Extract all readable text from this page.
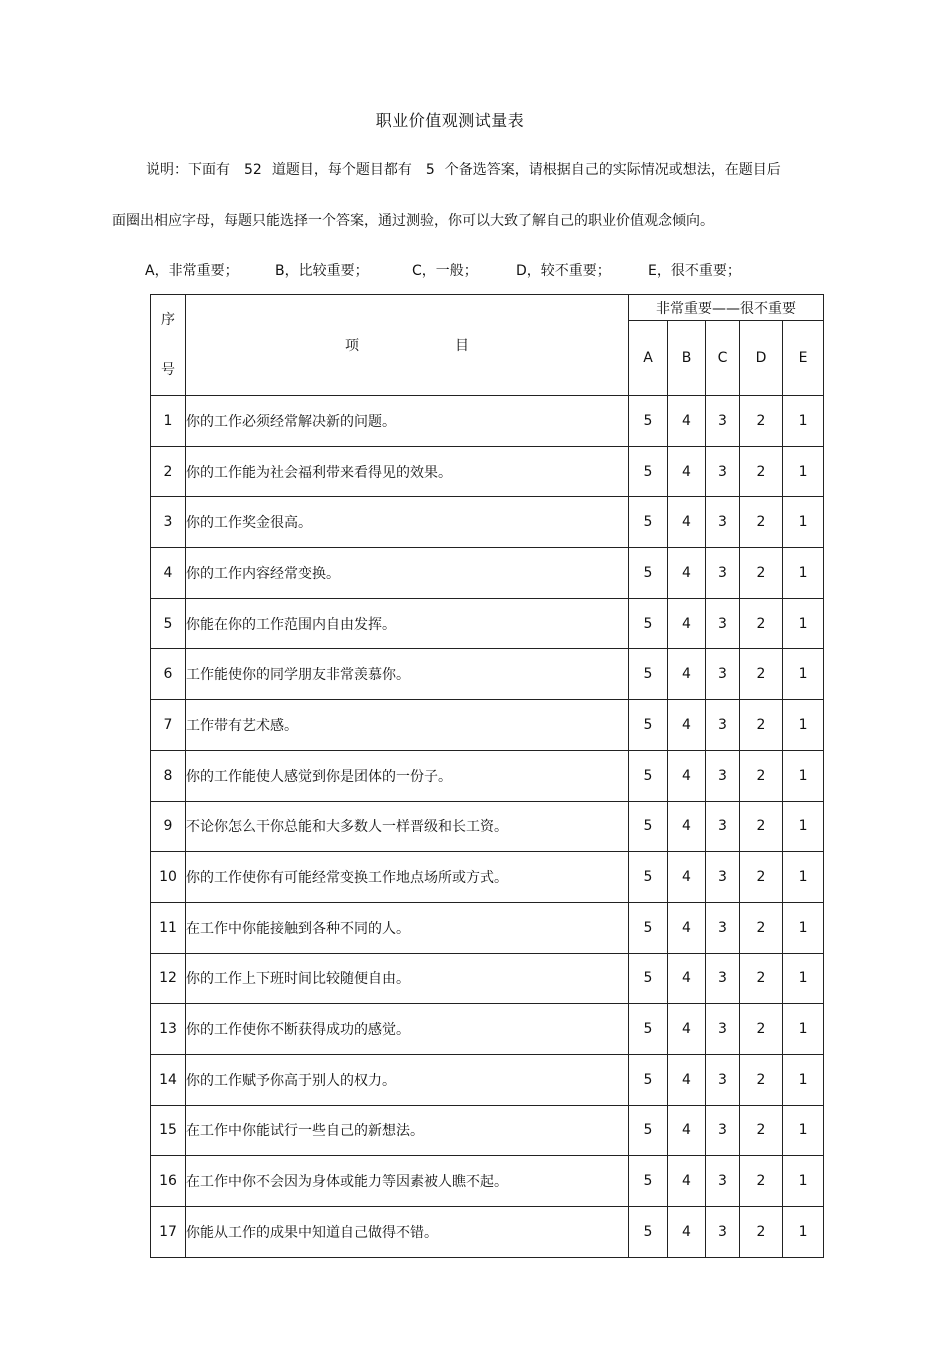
职业价值观测试量表
说明：下面有 52 道题目，每个题目都有 5 个备选答案，请根据自己的实际情况或想法，在题目后
面圈出相应字母，每题只能选择一个答案，通过测验，你可以大致了解自己的职业价值观念倾向。
A，非常重要；	B，比较重要；	C，一般；	D，较不重要；	E，很不重要；
序
号	项 目	非常重要——很不重要				
		A	B	C	D	E
1	你的工作必须经常解决新的问题。	5	4	3	2	1
2	你的工作能为社会福利带来看得见的效果。	5	4	3	2	1
3	你的工作奖金很高。	5	4	3	2	1
4	你的工作内容经常变换。	5	4	3	2	1
5	你能在你的工作范围内自由发挥。	5	4	3	2	1
6	工作能使你的同学朋友非常羡慕你。	5	4	3	2	1
7	工作带有艺术感。	5	4	3	2	1
8	你的工作能使人感觉到你是团体的一份子。	5	4	3	2	1
9	不论你怎么干你总能和大多数人一样晋级和长工资。	5	4	3	2	1
10	你的工作使你有可能经常变换工作地点场所或方式。	5	4	3	2	1
11	在工作中你能接触到各种不同的人。	5	4	3	2	1
12	你的工作上下班时间比较随便自由。	5	4	3	2	1
13	你的工作使你不断获得成功的感觉。	5	4	3	2	1
14	你的工作赋予你高于别人的权力。	5	4	3	2	1
15	在工作中你能试行一些自己的新想法。	5	4	3	2	1
16	在工作中你不会因为身体或能力等因素被人瞧不起。	5	4	3	2	1
17	你能从工作的成果中知道自己做得不错。	5	4	3	2	1
